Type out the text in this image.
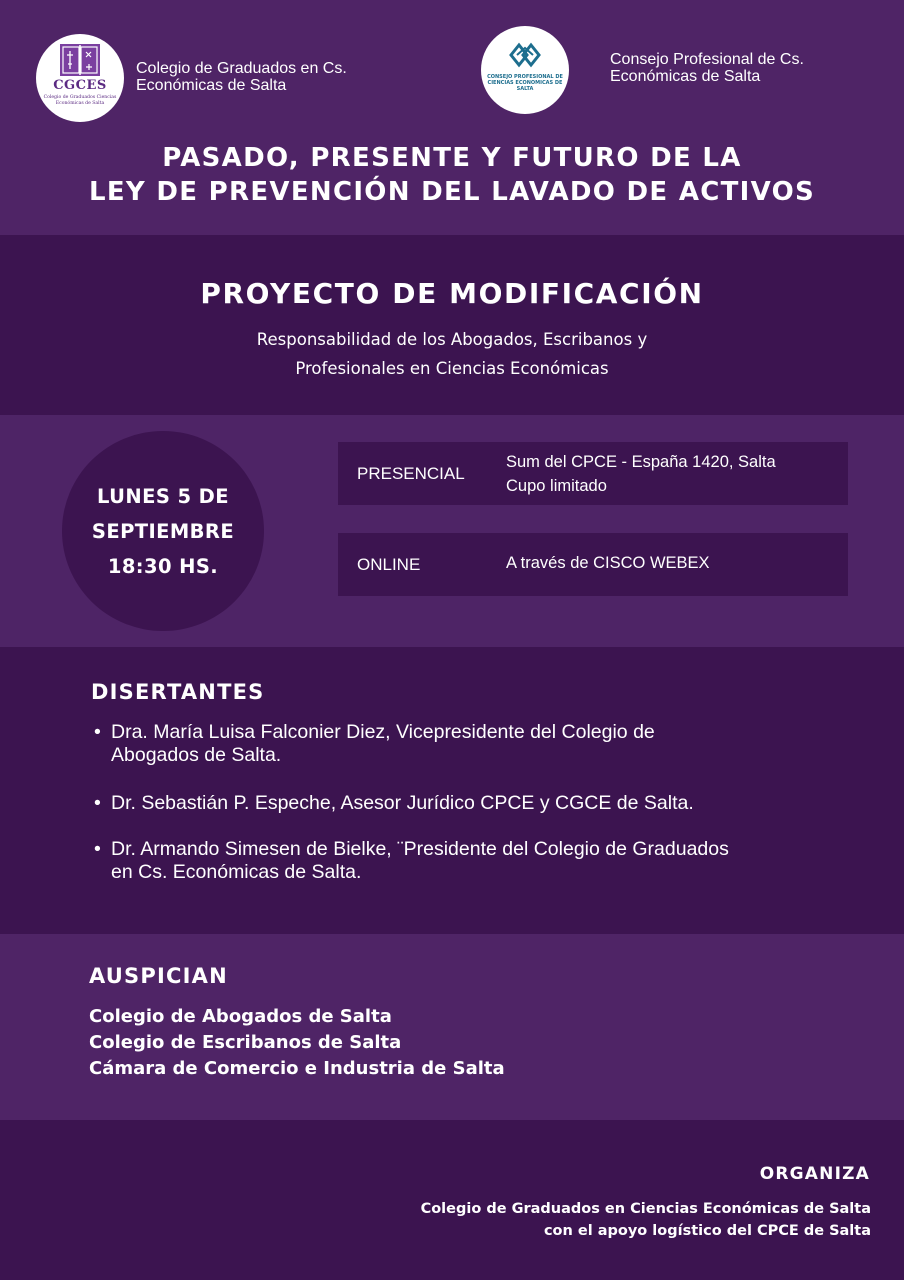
CGCES
Colegio de Graduados Ciencias Económicas de Salta
Colegio de Graduados en Cs. Económicas de Salta	CONSEJO PROFESIONAL DE CIENCIAS ECONOMICAS DE SALTA
Consejo Profesional de Cs. Económicas de Salta
PASADO, PRESENTE Y FUTURO DE LA
LEY DE PREVENCIÓN DEL LAVADO DE ACTIVOS
PROYECTO DE MODIFICACIÓN
Responsabilidad de los Abogados, Escribanos y
Profesionales en Ciencias Económicas
LUNES 5 DE
SEPTIEMBRE
18:30 HS.
PRESENCIAL
Sum del CPCE - España 1420, Salta
Cupo limitado
ONLINE	A través de CISCO WEBEX
DISERTANTES
• Dra. María Luisa Falconier Diez, Vicepresidente del Colegio de
Abogados de Salta.
• Dr. Sebastián P. Espeche, Asesor Jurídico CPCE y CGCE de Salta.
• Dr. Armando Simesen de Bielke, ¨Presidente del Colegio de Graduados
en Cs. Económicas de Salta.
AUSPICIAN
Colegio de Abogados de Salta
Colegio de Escribanos de Salta
Cámara de Comercio e Industria de Salta
ORGANIZA
Colegio de Graduados en Ciencias Económicas de Salta
con el apoyo logístico del CPCE de Salta
